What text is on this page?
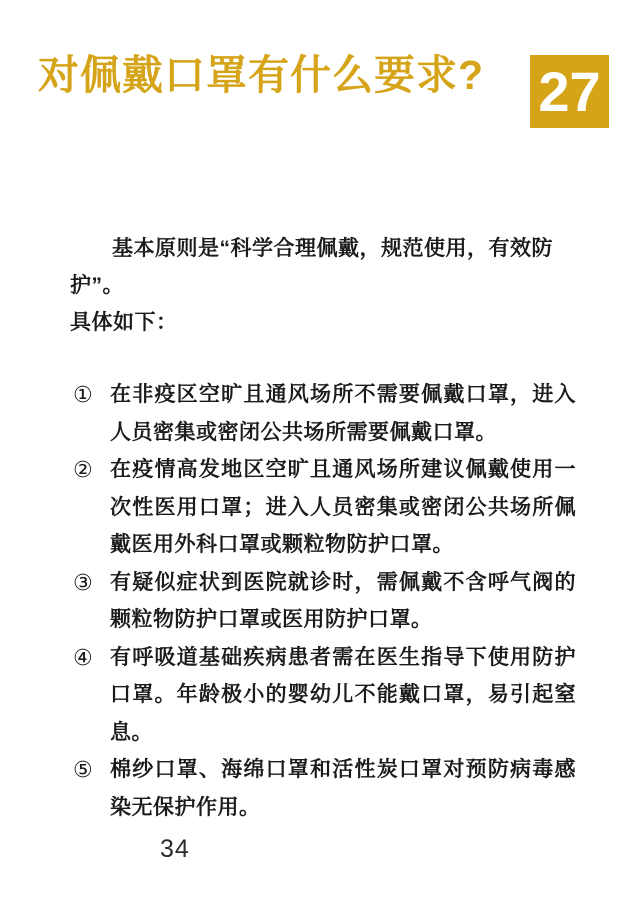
对佩戴口罩有什么要求? 27
基本原则是“科学合理佩戴，规范使用，有效防护”。
具体如下：
① 在非疫区空旷且通风场所不需要佩戴口罩，进入人员密集或密闭公共场所需要佩戴口罩。
② 在疫情高发地区空旷且通风场所建议佩戴使用一次性医用口罩；进入人员密集或密闭公共场所佩戴医用外科口罩或颗粒物防护口罩。
③ 有疑似症状到医院就诊时，需佩戴不含呼气阀的颗粒物防护口罩或医用防护口罩。
④ 有呼吸道基础疾病患者需在医生指导下使用防护口罩。年龄极小的婴幼儿不能戴口罩，易引起窒息。
⑤ 棉纱口罩、海绵口罩和活性炭口罩对预防病毒感染无保护作用。
34
